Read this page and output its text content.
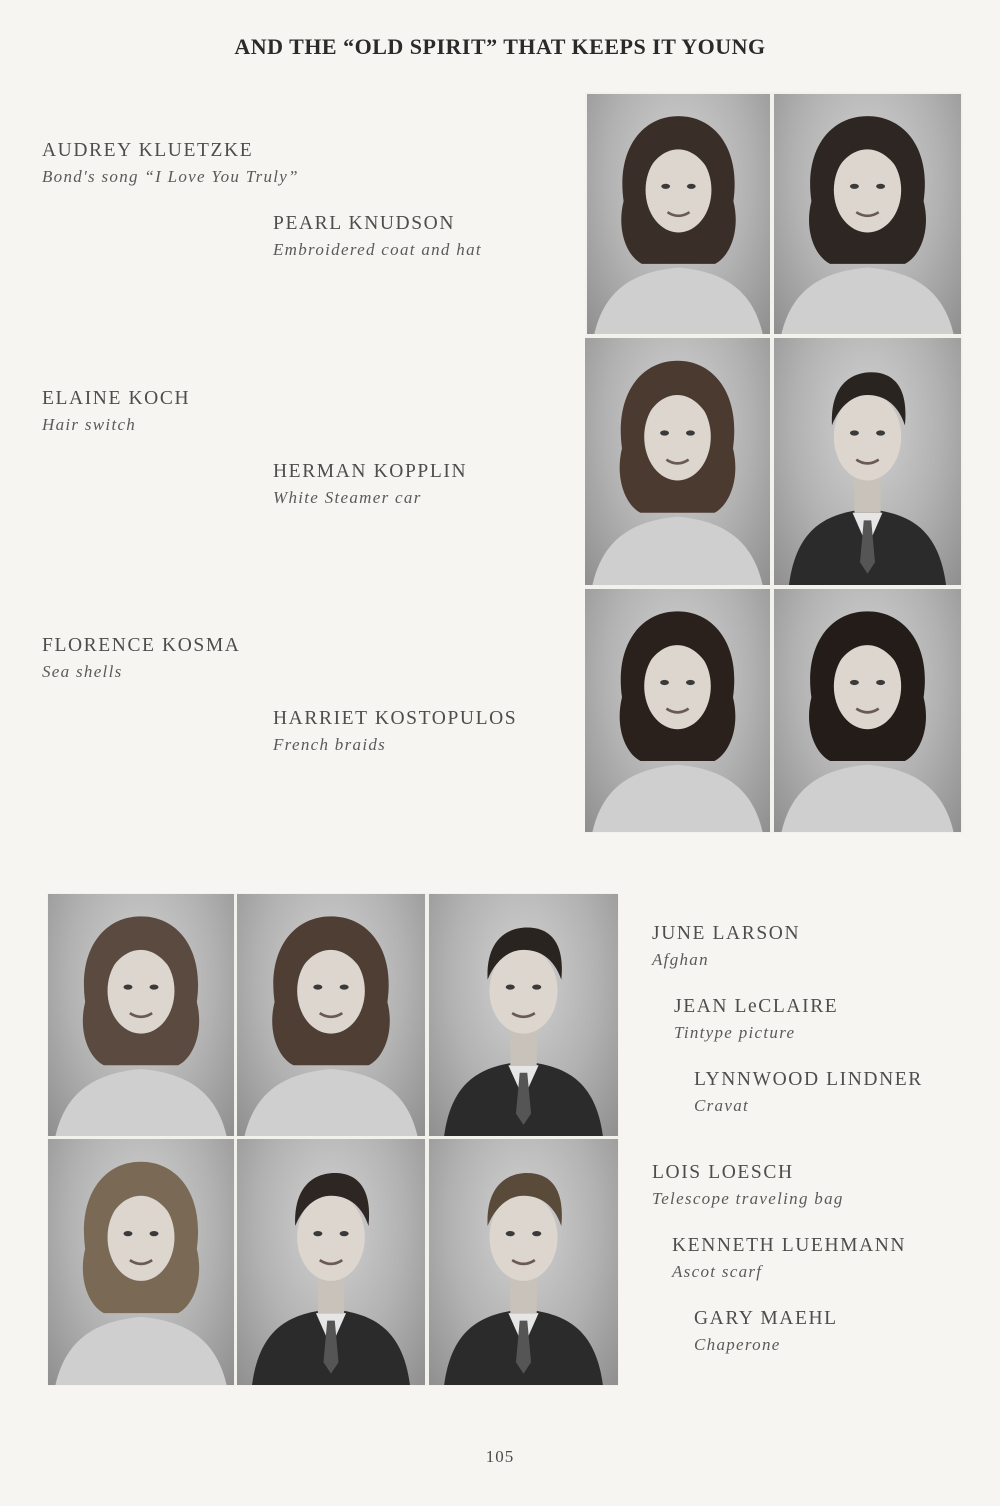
AND THE “OLD SPIRIT” THAT KEEPS IT YOUNG
AUDREY KLUETZKE
Bond's song “I Love You Truly”
PEARL KNUDSON
Embroidered coat and hat
ELAINE KOCH
Hair switch
HERMAN KOPPLIN
White Steamer car
FLORENCE KOSMA
Sea shells
HARRIET KOSTOPULOS
French braids
JUNE LARSON
Afghan
JEAN LeCLAIRE
Tintype picture
LYNNWOOD LINDNER
Cravat
LOIS LOESCH
Telescope traveling bag
KENNETH LUEHMANN
Ascot scarf
GARY MAEHL
Chaperone
105
